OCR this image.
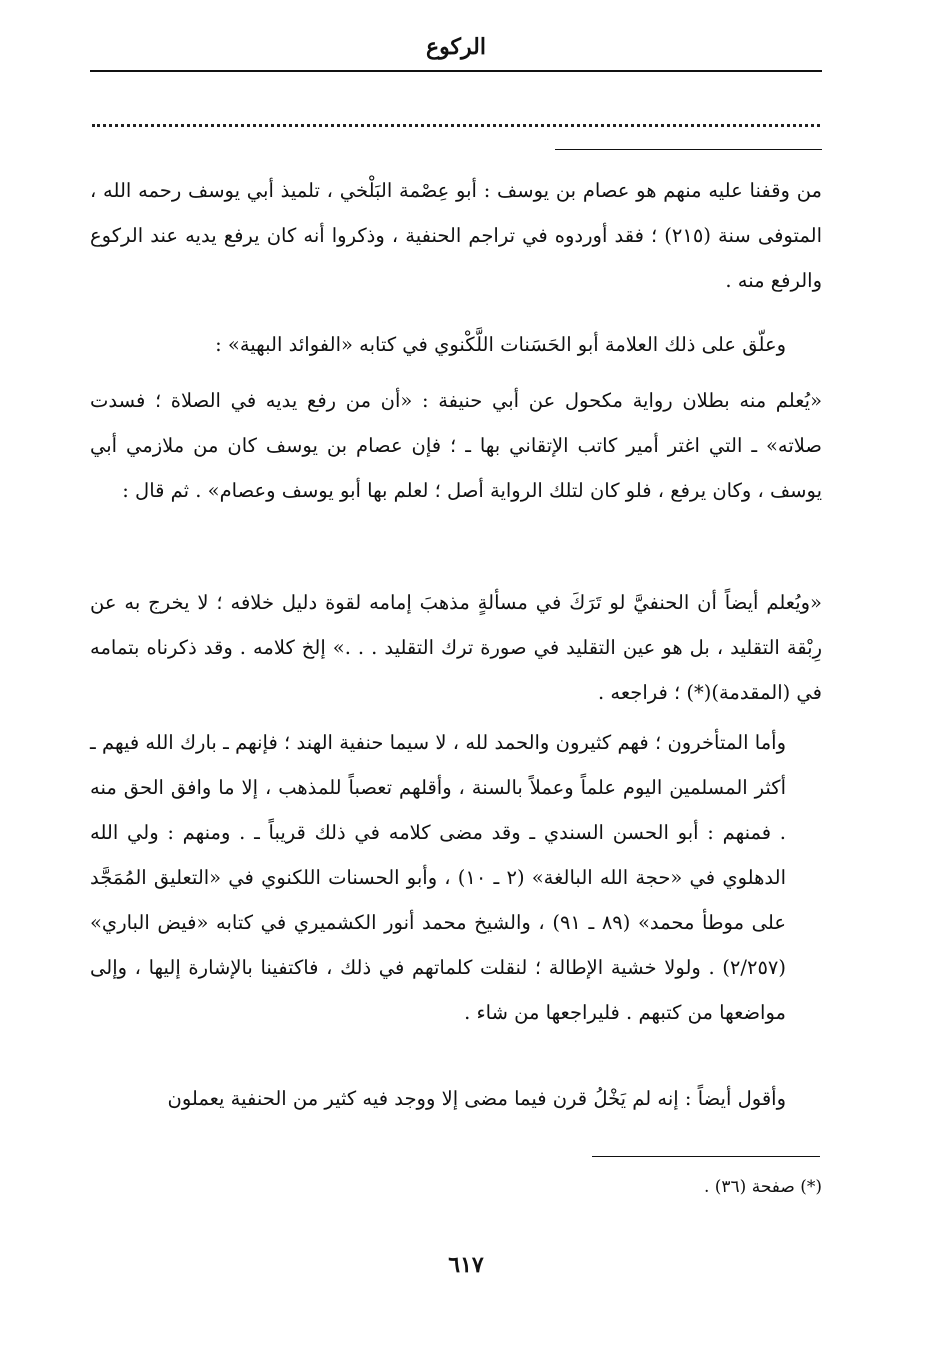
الركوع

من وقفنا عليه منهم هو عصام بن يوسف : أبو عِصْمة البَلْخي ، تلميذ أبي يوسف رحمه الله ، المتوفى سنة (٢١٥) ؛ فقد أوردوه في تراجم الحنفية ، وذكروا أنه كان يرفع يديه عند الركوع والرفع منه .

وعلّق على ذلك العلامة أبو الحَسَنات اللَّكْنوي في كتابه «الفوائد البهية» :

«يُعلم منه بطلان رواية مكحول عن أبي حنيفة : «أن من رفع يديه في الصلاة ؛ فسدت صلاته» ـ التي اغتر أمير كاتب الإتقاني بها ـ ؛ فإن عصام بن يوسف كان من ملازمي أبي يوسف ، وكان يرفع ، فلو كان لتلك الرواية أصل ؛ لعلم بها أبو يوسف وعصام» . ثم قال :

«ويُعلم أيضاً أن الحنفيَّ لو تَرَكَ في مسألةٍ مذهبَ إمامه لقوة دليل خلافه ؛ لا يخرج به عن رِبْقة التقليد ، بل هو عين التقليد في صورة ترك التقليد . . .» إلخ كلامه . وقد ذكرناه بتمامه في (المقدمة)(*) ؛ فراجعه .

وأما المتأخرون ؛ فهم كثيرون والحمد لله ، لا سيما حنفية الهند ؛ فإنهم ـ بارك الله فيهم ـ أكثر المسلمين اليوم علماً وعملاً بالسنة ، وأقلهم تعصباً للمذهب ، إلا ما وافق الحق منه . فمنهم : أبو الحسن السندي ـ وقد مضى كلامه في ذلك قريباً ـ . ومنهم : ولي الله الدهلوي في «حجة الله البالغة» (٢ ـ ١٠) ، وأبو الحسنات اللكنوي في «التعليق المُمَجَّد على موطأ محمد» (٨٩ ـ ٩١) ، والشيخ محمد أنور الكشميري في كتابه «فيض الباري» (٢/٢٥٧) . ولولا خشية الإطالة ؛ لنقلت كلماتهم في ذلك ، فاكتفينا بالإشارة إليها ، وإلى مواضعها من كتبهم . فليراجعها من شاء .

وأقول أيضاً : إنه لم يَخْلُ قرن فيما مضى إلا ووجد فيه كثير من الحنفية يعملون

(*) صفحة (٣٦) .
٦١٧
